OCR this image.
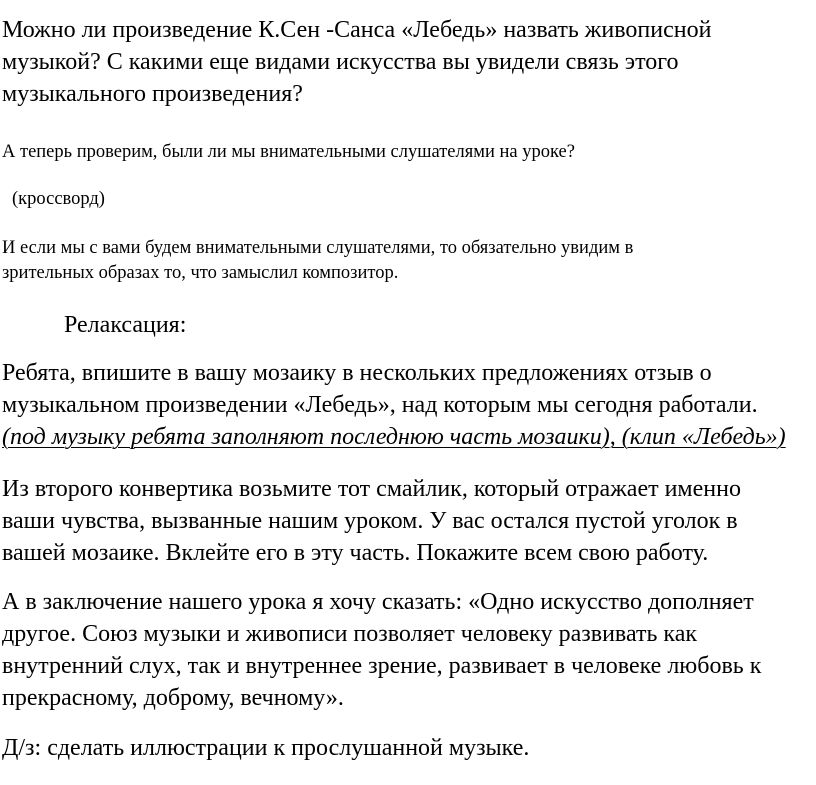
Можно ли произведение К.Сен -Санса «Лебедь» назвать живописной
музыкой? С какими еще видами искусства вы увидели связь этого
музыкального произведения?

А теперь проверим, были ли мы внимательными слушателями на уроке?

(кроссворд)

И если мы с вами будем внимательными слушателями, то обязательно увидим в
зрительных образах то, что замыслил композитор.

Релаксация:

Ребята, впишите в вашу мозаику в нескольких предложениях отзыв о
музыкальном произведении «Лебедь», над которым мы сегодня работали.
(под музыку ребята заполняют последнюю часть мозаики), (клип «Лебедь»)

Из второго конвертика возьмите тот смайлик, который отражает именно
ваши чувства, вызванные нашим уроком. У вас остался пустой уголок в
вашей мозаике. Вклейте его в эту часть. Покажите всем свою работу.

А в заключение нашего урока я хочу сказать: «Одно искусство дополняет
другое. Союз музыки и живописи позволяет человеку развивать как
внутренний слух, так и внутреннее зрение, развивает в человеке любовь к
прекрасному, доброму, вечному».

Д/з: сделать иллюстрации к прослушанной музыке.
